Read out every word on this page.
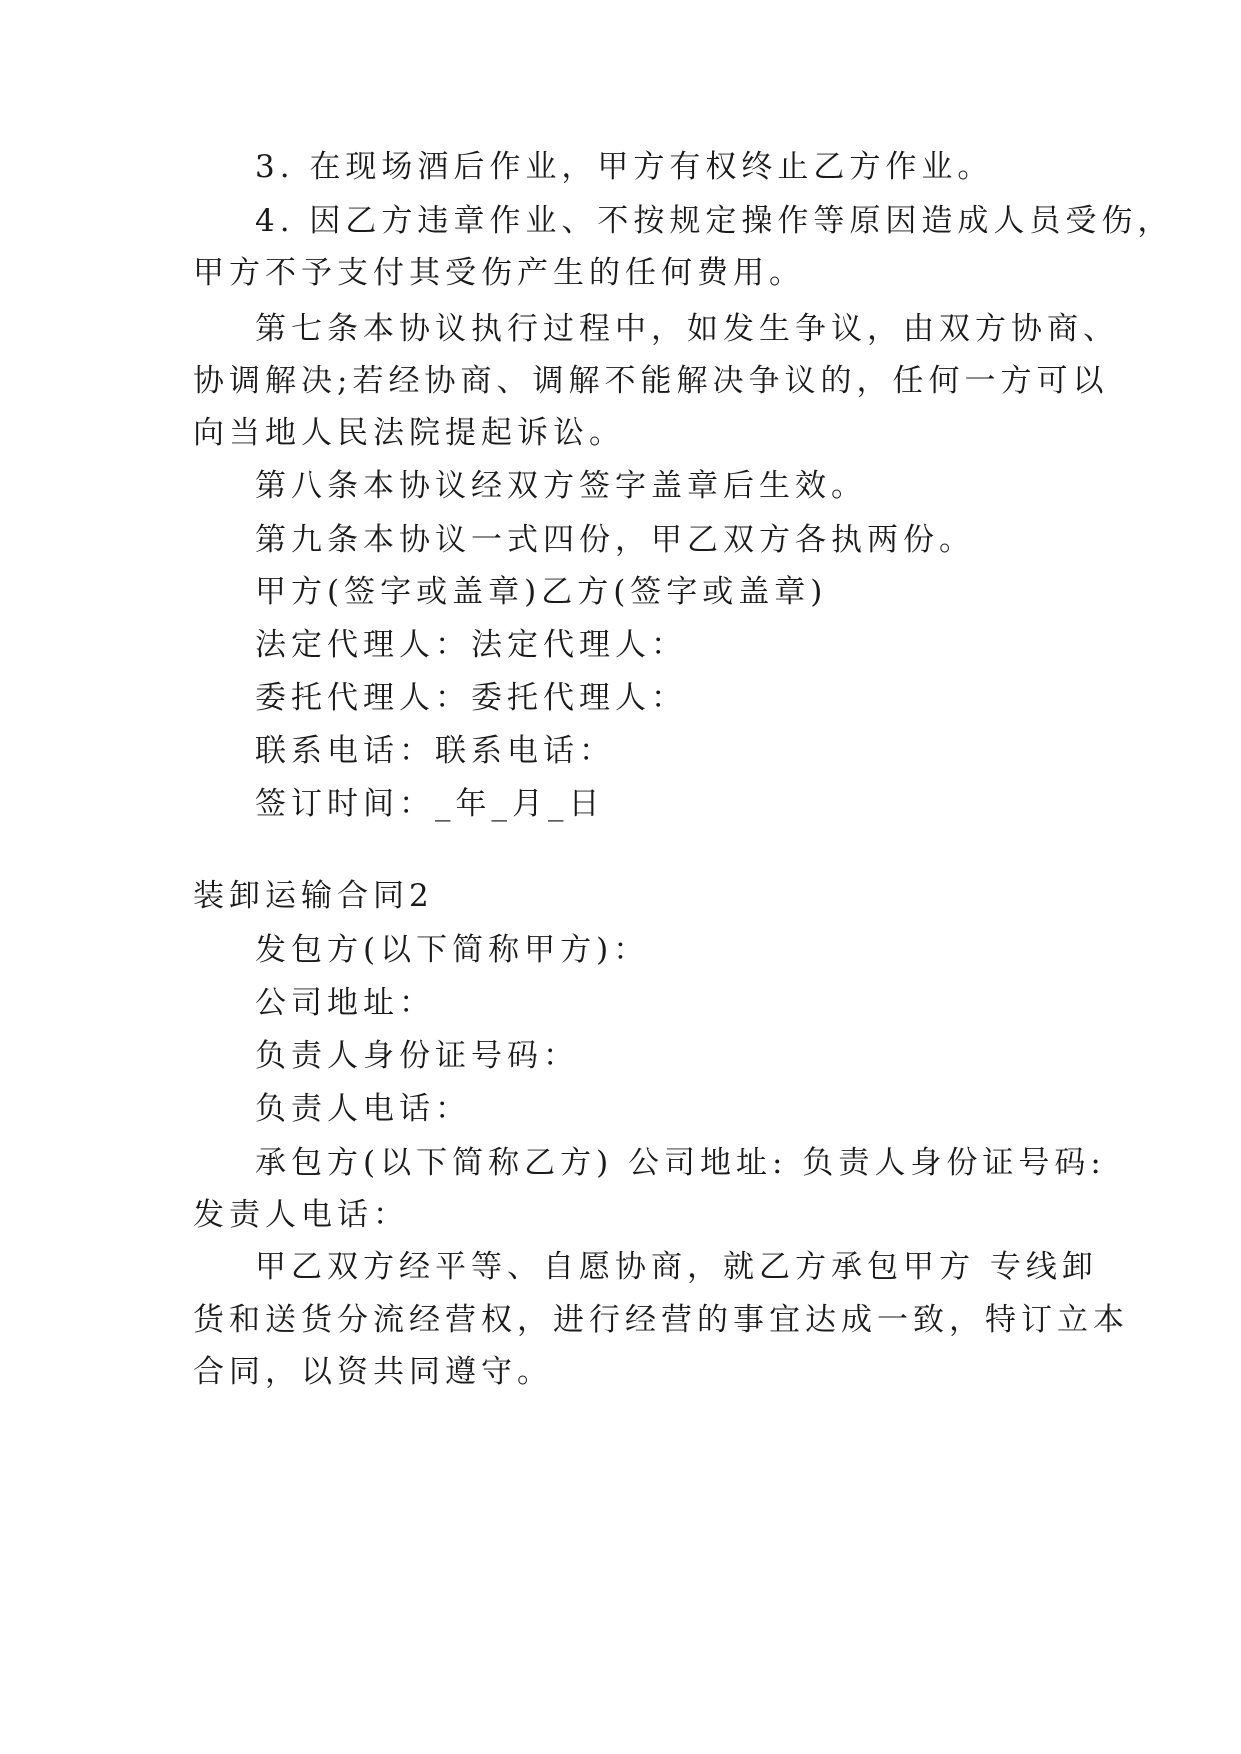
3. 在现场酒后作业，甲方有权终止乙方作业。
4. 因乙方违章作业、不按规定操作等原因造成人员受伤，
甲方不予支付其受伤产生的任何费用。
第七条本协议执行过程中，如发生争议，由双方协商、
协调解决;若经协商、调解不能解决争议的，任何一方可以
向当地人民法院提起诉讼。
第八条本协议经双方签字盖章后生效。
第九条本协议一式四份，甲乙双方各执两份。
甲方(签字或盖章)乙方(签字或盖章)
法定代理人：法定代理人：
委托代理人：委托代理人：
联系电话：联系电话：
签订时间：_年_月_日
装卸运输合同2
发包方(以下简称甲方)：
公司地址：
负责人身份证号码：
负责人电话：
承包方(以下简称乙方) 公司地址: 负责人身份证号码:
发责人电话：
甲乙双方经平等、自愿协商，就乙方承包甲方 专线卸
货和送货分流经营权，进行经营的事宜达成一致，特订立本
合同，以资共同遵守。
